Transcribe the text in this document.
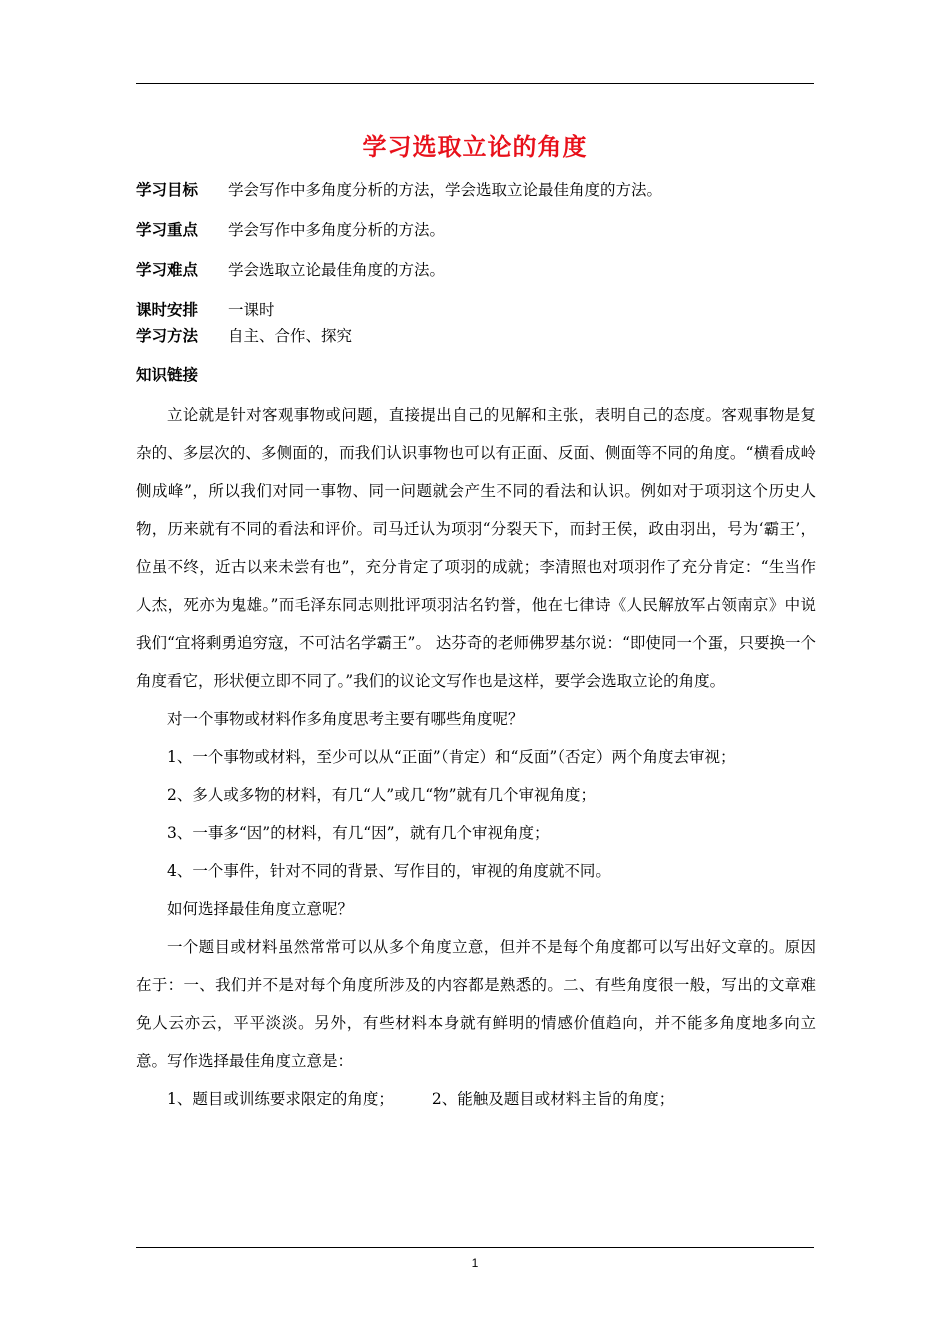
学习选取立论的角度
学习目标 学会写作中多角度分析的方法，学会选取立论最佳角度的方法。
学习重点 学会写作中多角度分析的方法。
学习难点 学会选取立论最佳角度的方法。
课时安排 一课时
学习方法 自主、合作、探究
知识链接

立论就是针对客观事物或问题，直接提出自己的见解和主张，表明自己的态度。客观事物是复杂的、多层次的、多侧面的，而我们认识事物也可以有正面、反面、侧面等不同的角度。“横看成岭侧成峰”，所以我们对同一事物、同一问题就会产生不同的看法和认识。例如对于项羽这个历史人物，历来就有不同的看法和评价。司马迁认为项羽“分裂天下，而封王侯，政由羽出，号为‘霸王’，位虽不终，近古以来未尝有也”，充分肯定了项羽的成就；李清照也对项羽作了充分肯定：“生当作人杰，死亦为鬼雄。”而毛泽东同志则批评项羽沽名钓誉，他在七律诗《人民解放军占领南京》中说我们“宜将剩勇追穷寇，不可沽名学霸王”。 达芬奇的老师佛罗基尔说：“即使同一个蛋，只要换一个角度看它，形状便立即不同了。”我们的议论文写作也是这样，要学会选取立论的角度。

对一个事物或材料作多角度思考主要有哪些角度呢？

1、一个事物或材料，至少可以从“正面”（肯定）和“反面”（否定）两个角度去审视；

2、多人或多物的材料，有几“人”或几“物”就有几个审视角度；

3、一事多“因”的材料，有几“因”，就有几个审视角度；

4、一个事件，针对不同的背景、写作目的，审视的角度就不同。

如何选择最佳角度立意呢？

一个题目或材料虽然常常可以从多个角度立意，但并不是每个角度都可以写出好文章的。原因在于：一、我们并不是对每个角度所涉及的内容都是熟悉的。二、有些角度很一般，写出的文章难免人云亦云，平平淡淡。另外，有些材料本身就有鲜明的情感价值趋向，并不能多角度地多向立意。写作选择最佳角度立意是：

1、题目或训练要求限定的角度； 2、能触及题目或材料主旨的角度；

1
